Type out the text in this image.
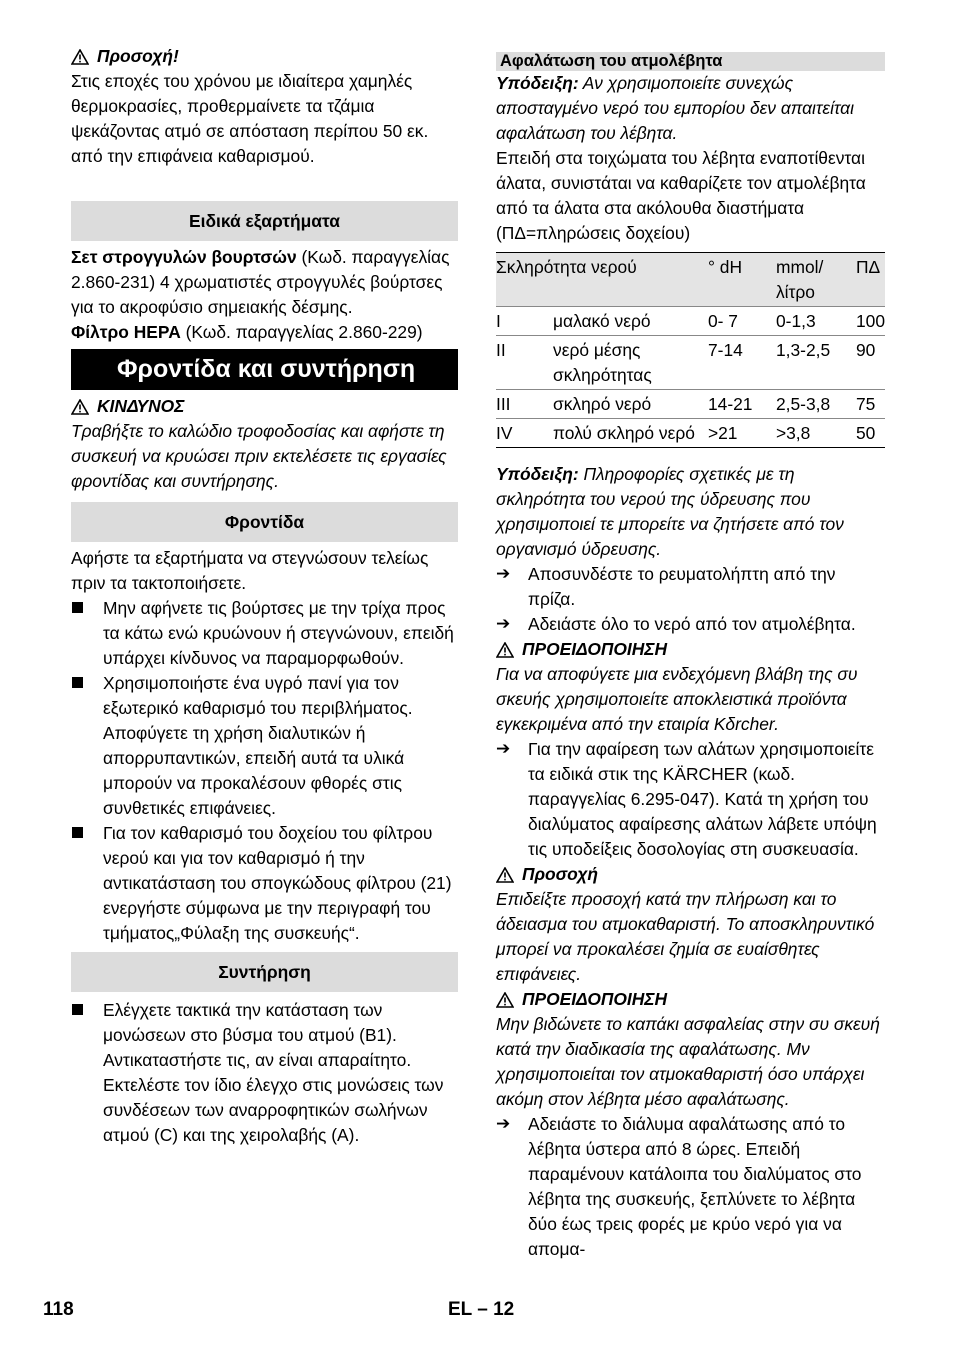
Προσοχή!

Στις εποχές του χρόνου με ιδιαίτερα χαμηλές θερμοκρασίες, προθερμαίνετε τα τζάμια ψεκάζοντας ατμό σε απόσταση περίπου 50 εκ. από την επιφάνεια καθαρισμού.

Ειδικά εξαρτήματα

Σετ στρογγυλών βουρτσών (Κωδ. παραγγελίας 2.860-231) 4 χρωματιστές στρογγυλές βούρτσες για το ακροφύσιο σημειακής δέσμης.

Φίλτρο HEPA (Κωδ. παραγγελίας 2.860-229)

Φροντίδα και συντήρηση
ΚΙΝΔΥΝΟΣ

Τραβήξτε το καλώδιο τροφοδοσίας και αφήστε τη συσκευή να κρυώσει πριν εκτελέσετε τις εργασίες φροντίδας και συντήρησης.

Φροντίδα

Αφήστε τα εξαρτήματα να στεγνώσουν τελείως πριν τα τακτοποιήσετε.

Μην αφήνετε τις βούρτσες με την τρίχα προς τα κάτω ενώ κρυώνουν ή στεγνώνουν, επειδή υπάρχει κίνδυνος να παραμορφωθούν.
Χρησιμοποιήστε ένα υγρό πανί για τον εξωτερικό καθαρισμό του περιβλήματος. Αποφύγετε τη χρήση διαλυτικών ή απορρυπαντικών, επειδή αυτά τα υλικά μπορούν να προκαλέσουν φθορές στις συνθετικές επιφάνειες.
Για τον καθαρισμό του δοχείου του φίλτρου νερού και για τον καθαρισμό ή την αντικατάσταση του σπογκώδους φίλτρου (21) ενεργήστε σύμφωνα με την περιγραφή του τμήματος„Φύλαξη της συσκευής“.
Συντήρηση
Ελέγχετε τακτικά την κατάσταση των μονώσεων στο βύσμα του ατμού (B1). Αντικαταστήστε τις, αν είναι απαραίτητο. Εκτελέστε τον ίδιο έλεγχο στις μονώσεις των συνδέσεων των αναρροφητικών σωλήνων ατμού (C) και της χειρολαβής (A).
Αφαλάτωση του ατμολέβητα

Υπόδειξη: Αν χρησιμοποιείτε συνεχώς αποσταγμένο νερό του εμπορίου δεν απαιτείται αφαλάτωση του λέβητα.

Επειδή στα τοιχώματα του λέβητα εναποτίθενται άλατα, συνιστάται να καθαρίζετε τον ατμολέβητα από τα άλατα στα ακόλουθα διαστήματα (ΠΔ=πληρώσεις δοχείου)

Σκληρότητα νερού		° dH	mmol/ λίτρο	ΠΔ
I	μαλακό νερό	0- 7	0-1,3	100
II	νερό μέσης σκληρότητας	7-14	1,3-2,5	90
III	σκληρό νερό	14-21	2,5-3,8	75
IV	πολύ σκληρό νερό	>21	>3,8	50

Υπόδειξη: Πληροφορίες σχετικές με τη σκληρότητα του νερού της ύδρευσης που χρησιμοποιεί τε μπορείτε να ζητήσετε από τον οργανισμό ύδρευσης.

➔ Αποσυνδέστε το ρευματολήπτη από την πρίζα.
➔ Αδειάστε όλο το νερό από τον ατμολέβητα.
ΠΡΟΕΙΔΟΠΟΙΗΣΗ

Για να αποφύγετε μια ενδεχόμενη βλάβη της συ σκευής χρησιμοποιείτε αποκλειστικά προϊόντα εγκεκριμένα από την εταιρία Kδrcher.

➔ Για την αφαίρεση των αλάτων χρησιμοποιείτε τα ειδικά στικ της KÄRCHER (κωδ. παραγγελίας 6.295-047). Κατά τη χρήση του διαλύματος αφαίρεσης αλάτων λάβετε υπόψη τις υποδείξεις δοσολογίας στη συσκευασία.
Προσοχή

Επιδείξτε προσοχή κατά την πλήρωση και το άδειασμα του ατμοκαθαριστή. Το αποσκληρυντικό μπορεί να προκαλέσει ζημία σε ευαίσθητες επιφάνειες.

ΠΡΟΕΙΔΟΠΟΙΗΣΗ

Μην βιδώνετε το καπάκι ασφαλείας στην συ σκευή κατά την διαδικασία της αφαλάτωσης. Μν χρησιμοποιείται τον ατμοκαθαριστή όσο υπάρχει ακόμη στον λέβητα μέσο αφαλάτωσης.

➔ Αδειάστε το διάλυμα αφαλάτωσης από το λέβητα ύστερα από 8 ώρες. Επειδή παραμένουν κατάλοιπα του διαλύματος στο λέβητα της συσκευής, ξεπλύνετε το λέβητα δύο έως τρεις φορές με κρύο νερό για να απομα-
118	EL – 12
